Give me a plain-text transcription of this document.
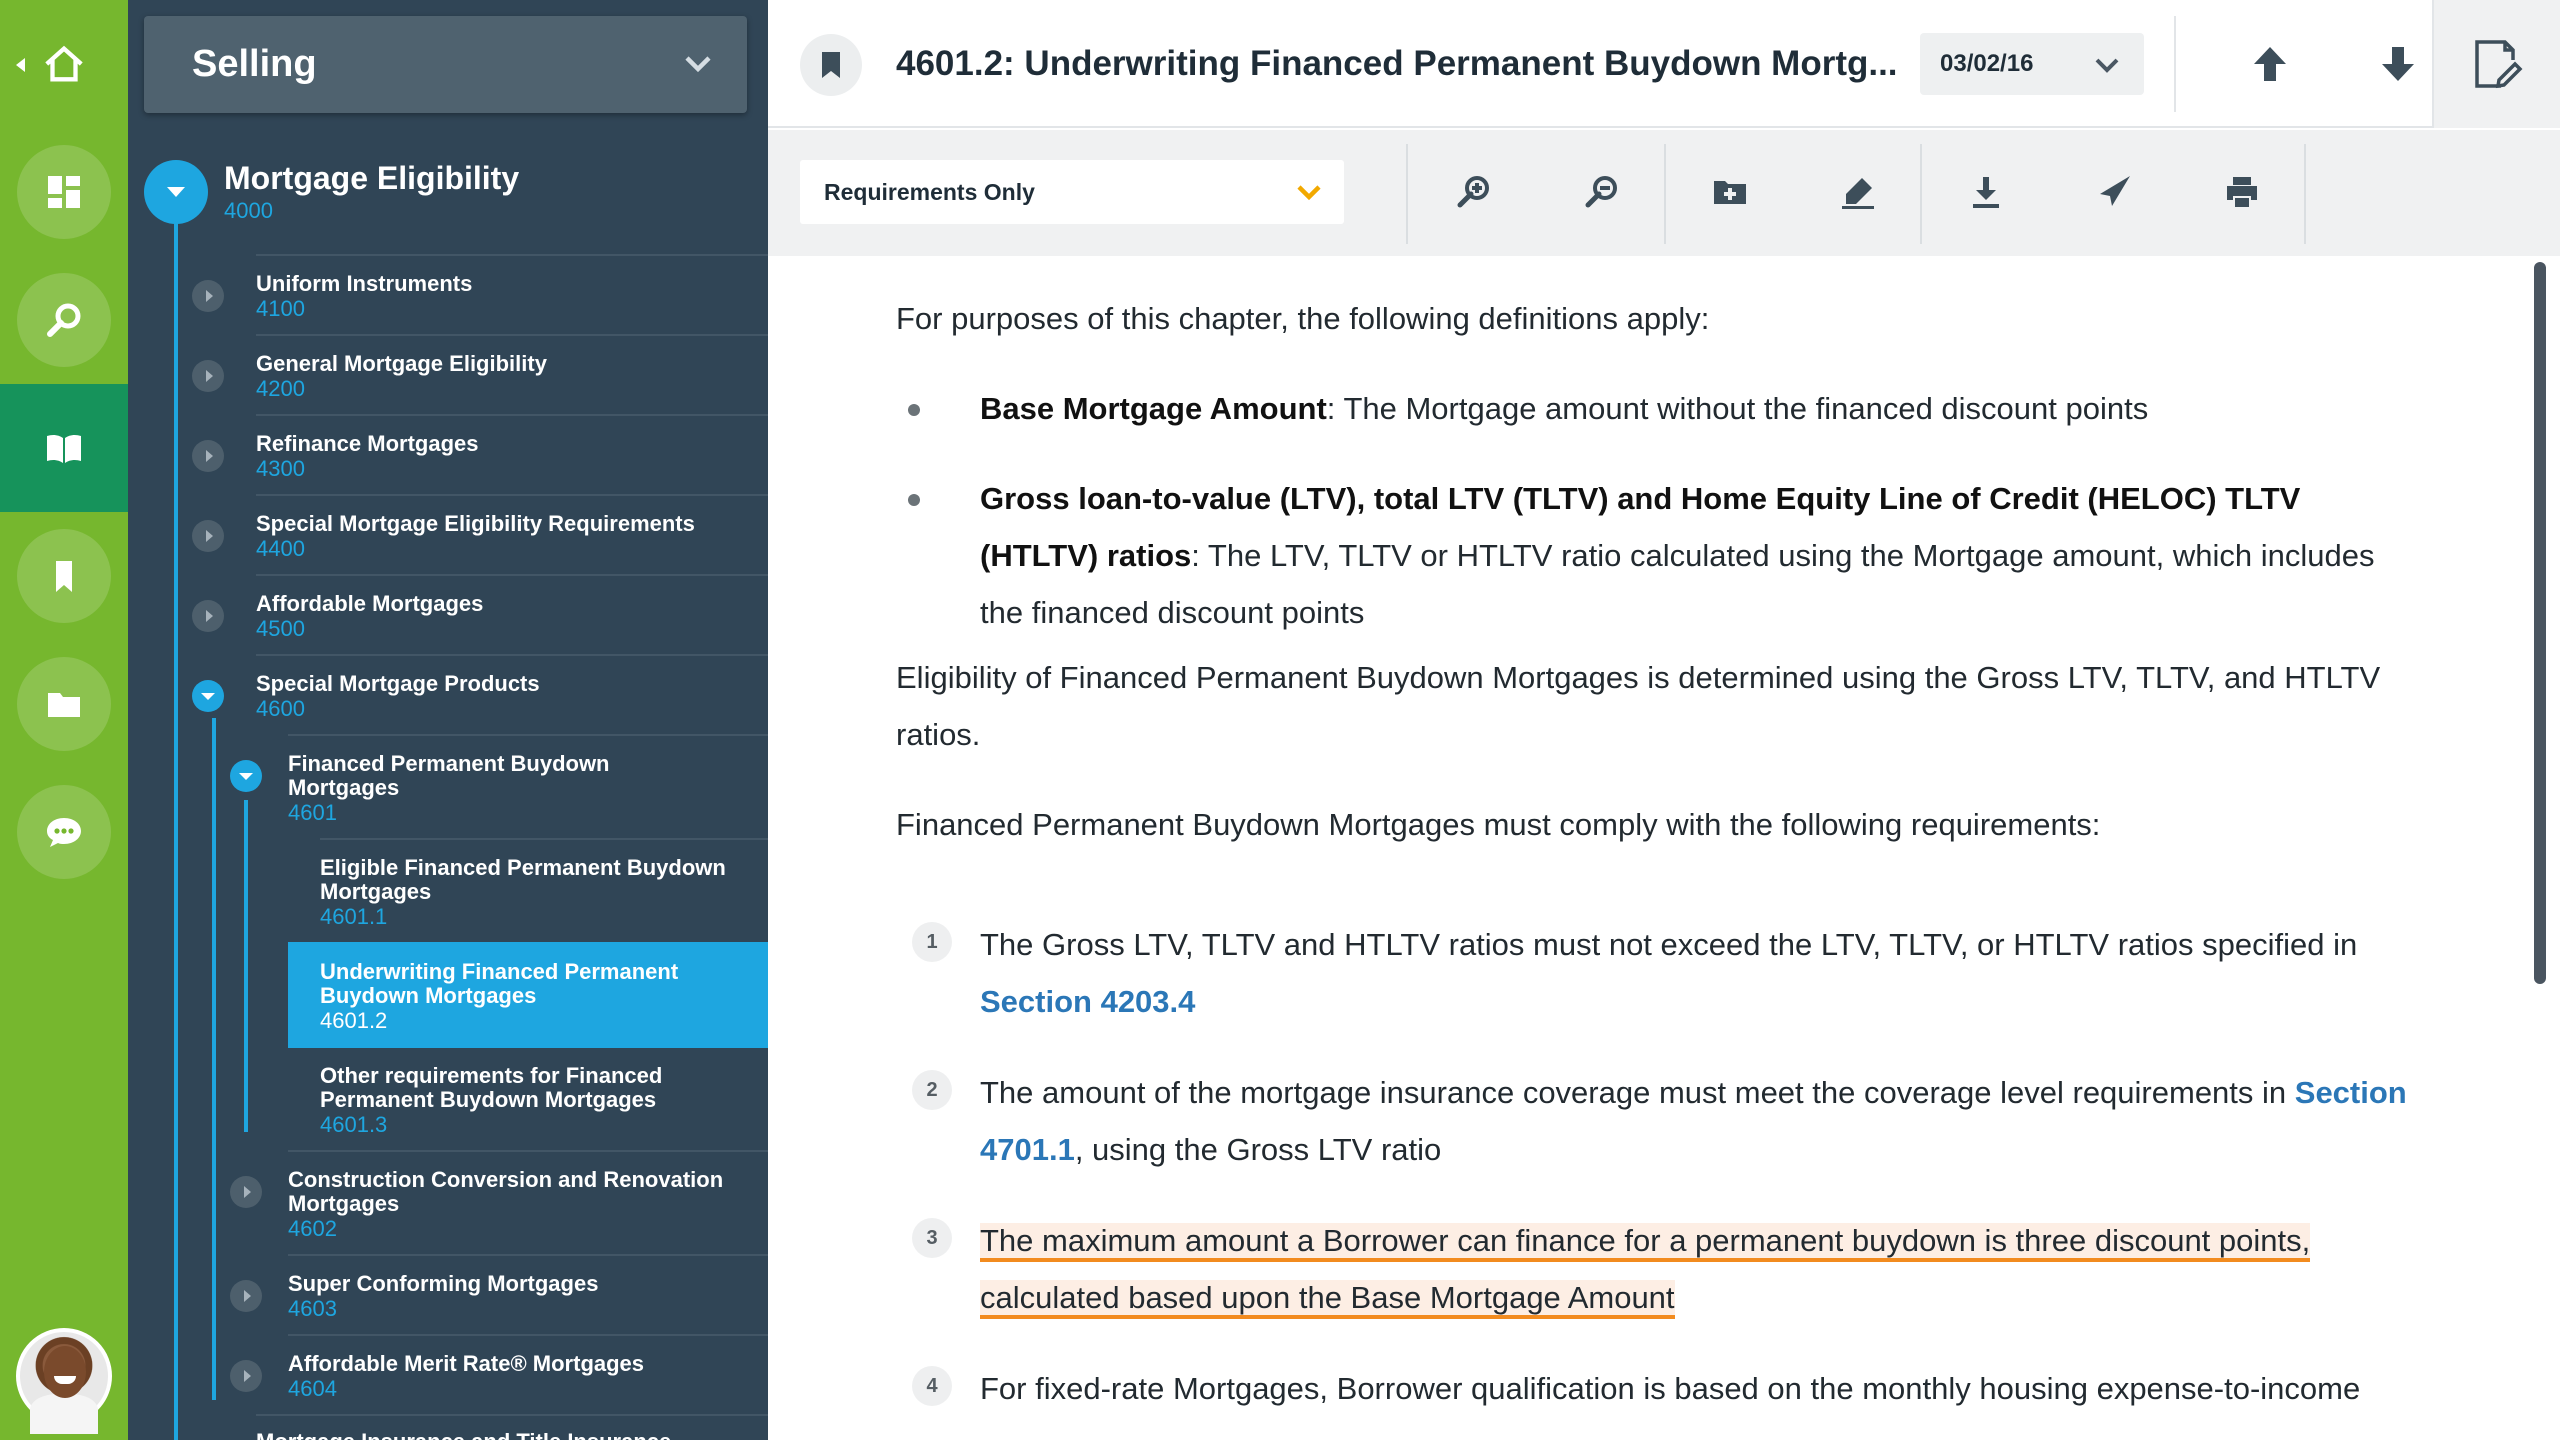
Selling
Mortgage Eligibility
4000
Uniform Instruments
4100
General Mortgage Eligibility
4200
Refinance Mortgages
4300
Special Mortgage Eligibility Requirements
4400
Affordable Mortgages
4500
Special Mortgage Products
4600
Financed Permanent Buydown Mortgages
4601
Eligible Financed Permanent Buydown Mortgages
4601.1
Underwriting Financed Permanent Buydown Mortgages
4601.2
Other requirements for Financed Permanent Buydown Mortgages
4601.3
Construction Conversion and Renovation Mortgages
4602
Super Conforming Mortgages
4603
Affordable Merit Rate® Mortgages
4604
Mortgage Insurance and Title Insurance
4601.2: Underwriting Financed Permanent Buydown Mortg... 03/02/16
Requirements Only
For purposes of this chapter, the following definitions apply:
Base Mortgage Amount: The Mortgage amount without the financed discount points
Gross loan-to-value (LTV), total LTV (TLTV) and Home Equity Line of Credit (HELOC) TLTV (HTLTV) ratios: The LTV, TLTV or HTLTV ratio calculated using the Mortgage amount, which includes the financed discount points
Eligibility of Financed Permanent Buydown Mortgages is determined using the Gross LTV, TLTV, and HTLTV ratios.
Financed Permanent Buydown Mortgages must comply with the following requirements:
1	The Gross LTV, TLTV and HTLTV ratios must not exceed the LTV, TLTV, or HTLTV ratios specified in Section 4203.4
2	The amount of the mortgage insurance coverage must meet the coverage level requirements in Section 4701.1, using the Gross LTV ratio
3	The maximum amount a Borrower can finance for a permanent buydown is three discount points,
calculated based upon the Base Mortgage Amount
4	For fixed-rate Mortgages, Borrower qualification is based on the monthly housing expense-to-income
